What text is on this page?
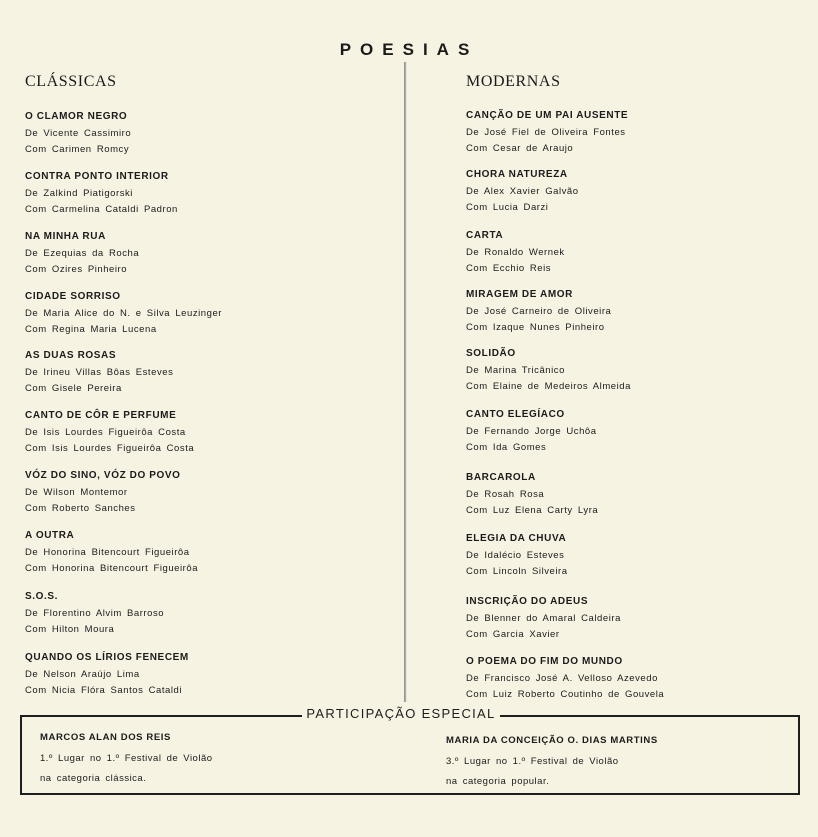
POESIAS
CLÁSSICAS
O CLAMOR NEGRO
De Vicente Cassimiro
Com Carimen Romcy
CONTRA PONTO INTERIOR
De Zalkind Piatigorski
Com Carmelina Cataldi Padron
NA MINHA RUA
De Ezequias da Rocha
Com Ozires Pinheiro
CIDADE SORRISO
De Maria Alice do N. e Silva Leuzinger
Com Regina Maria Lucena
AS DUAS ROSAS
De Irineu Villas Bôas Esteves
Com Gisele Pereira
CANTO DE CÔR E PERFUME
De Isis Lourdes Figueirôa Costa
Com Isis Lourdes Figueirôa Costa
VÓZ DO SINO, VÓZ DO POVO
De Wilson Montemor
Com Roberto Sanches
A OUTRA
De Honorina Bitencourt Figueirôa
Com Honorina Bitencourt Figueirôa
S.O.S.
De Florentino Alvim Barroso
Com Hilton Moura
QUANDO OS LÍRIOS FENECEM
De Nelson Araújo Lima
Com Nicia Flóra Santos Cataldi
MODERNAS
CANÇÃO DE UM PAI AUSENTE
De José Fiel de Oliveira Fontes
Com Cesar de Araujo
CHORA NATUREZA
De Alex Xavier Galvão
Com Lucia Darzi
CARTA
De Ronaldo Wernek
Com Ecchio Reis
MIRAGEM DE AMOR
De José Carneiro de Oliveira
Com Izaque Nunes Pinheiro
SOLIDÃO
De Marina Tricânico
Com Elaine de Medeiros Almeida
CANTO ELEGÍACO
De Fernando Jorge Uchôa
Com Ida Gomes
BARCAROLA
De Rosah Rosa
Com Luz Elena Carty Lyra
ELEGIA DA CHUVA
De Idalécio Esteves
Com Lincoln Silveira
INSCRIÇÃO DO ADEUS
De Blenner do Amaral Caldeira
Com Garcia Xavier
O POEMA DO FIM DO MUNDO
De Francisco José A. Velloso Azevedo
Com Luiz Roberto Coutinho de Gouvela
PARTICIPAÇÃO ESPECIAL
MARCOS ALAN DOS REIS
1.º Lugar no 1.º Festival de Violão
na categoria clássica.
MARIA DA CONCEIÇÃO O. DIAS MARTINS
3.º Lugar no 1.º Festival de Violão
na categoria popular.
